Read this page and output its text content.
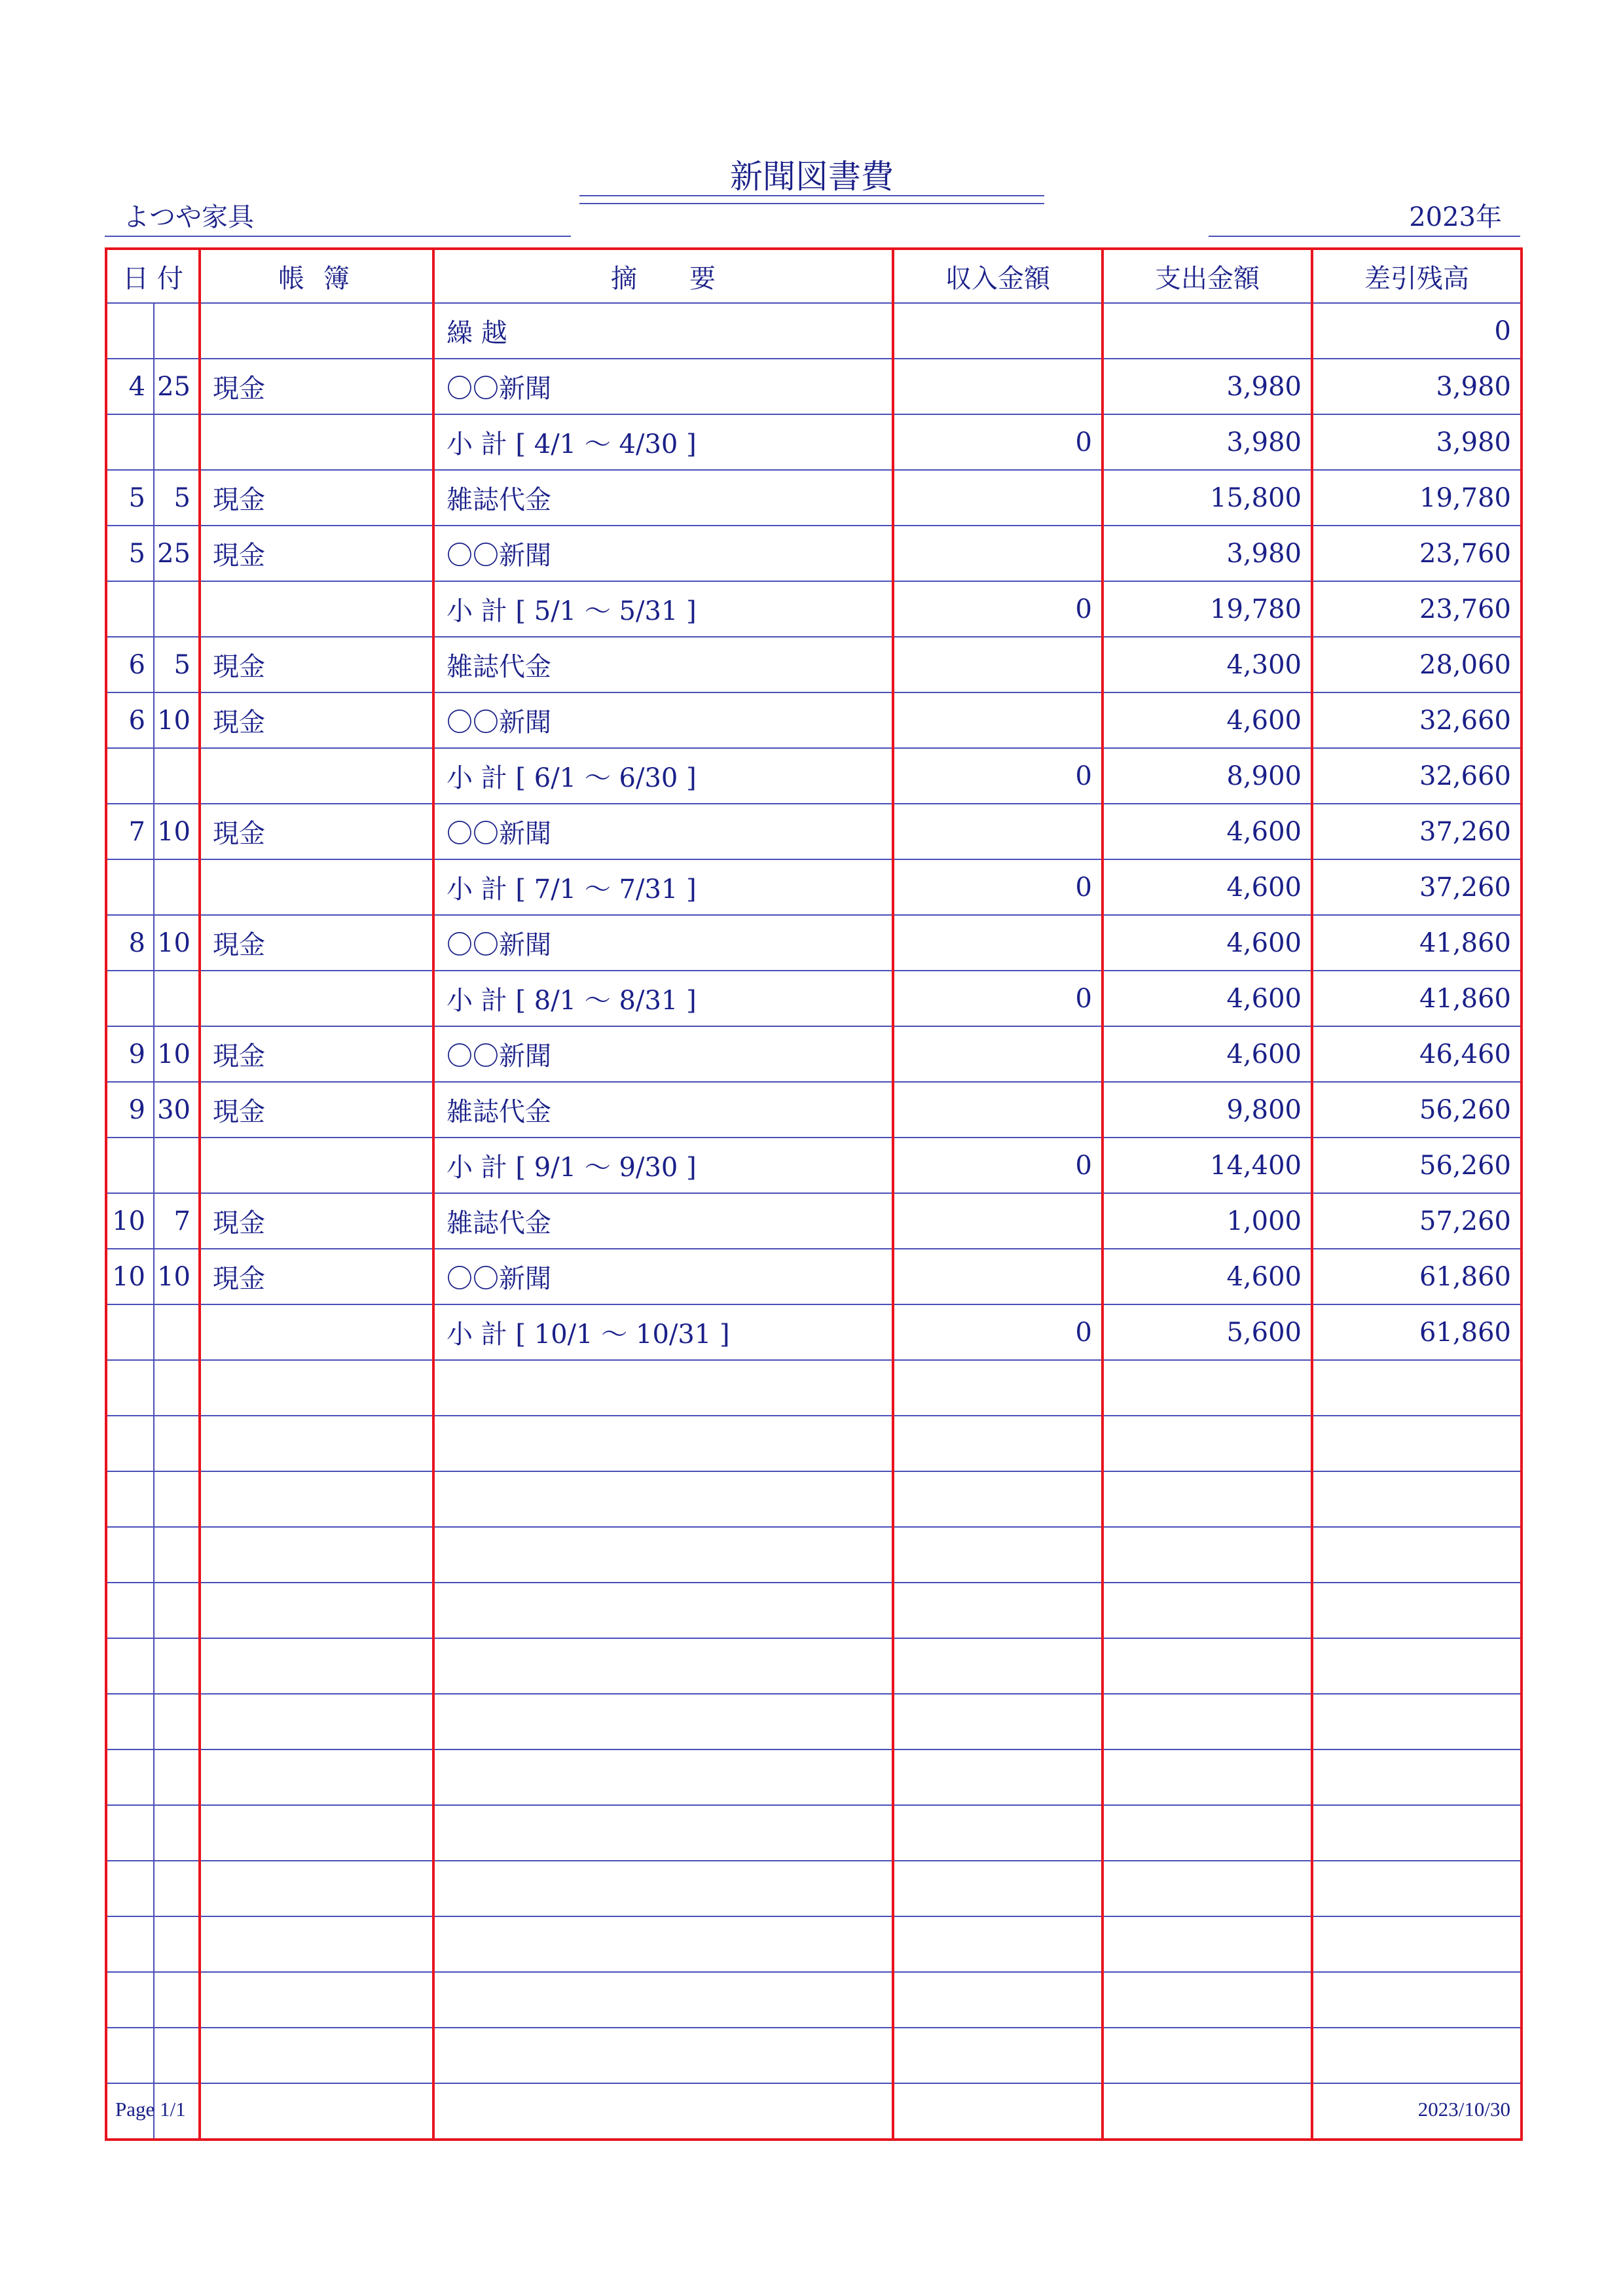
新聞図書費
よつや家具	2023年
日 付		帳 簿	摘　　要	収入金額	支出金額	差引残高
			繰 越			0
4	25	現金	〇〇新聞		3,980	3,980
			小 計 [ 4/1 〜 4/30 ]	0	3,980	3,980
5	5	現金	雑誌代金		15,800	19,780
5	25	現金	〇〇新聞		3,980	23,760
			小 計 [ 5/1 〜 5/31 ]	0	19,780	23,760
6	5	現金	雑誌代金		4,300	28,060
6	10	現金	〇〇新聞		4,600	32,660
			小 計 [ 6/1 〜 6/30 ]	0	8,900	32,660
7	10	現金	〇〇新聞		4,600	37,260
			小 計 [ 7/1 〜 7/31 ]	0	4,600	37,260
8	10	現金	〇〇新聞		4,600	41,860
			小 計 [ 8/1 〜 8/31 ]	0	4,600	41,860
9	10	現金	〇〇新聞		4,600	46,460
9	30	現金	雑誌代金		9,800	56,260
			小 計 [ 9/1 〜 9/30 ]	0	14,400	56,260
10	7	現金	雑誌代金		1,000	57,260
10	10	現金	〇〇新聞		4,600	61,860
			小 計 [ 10/1 〜 10/31 ]	0	5,600	61,860

Page 1/1	2023/10/30
